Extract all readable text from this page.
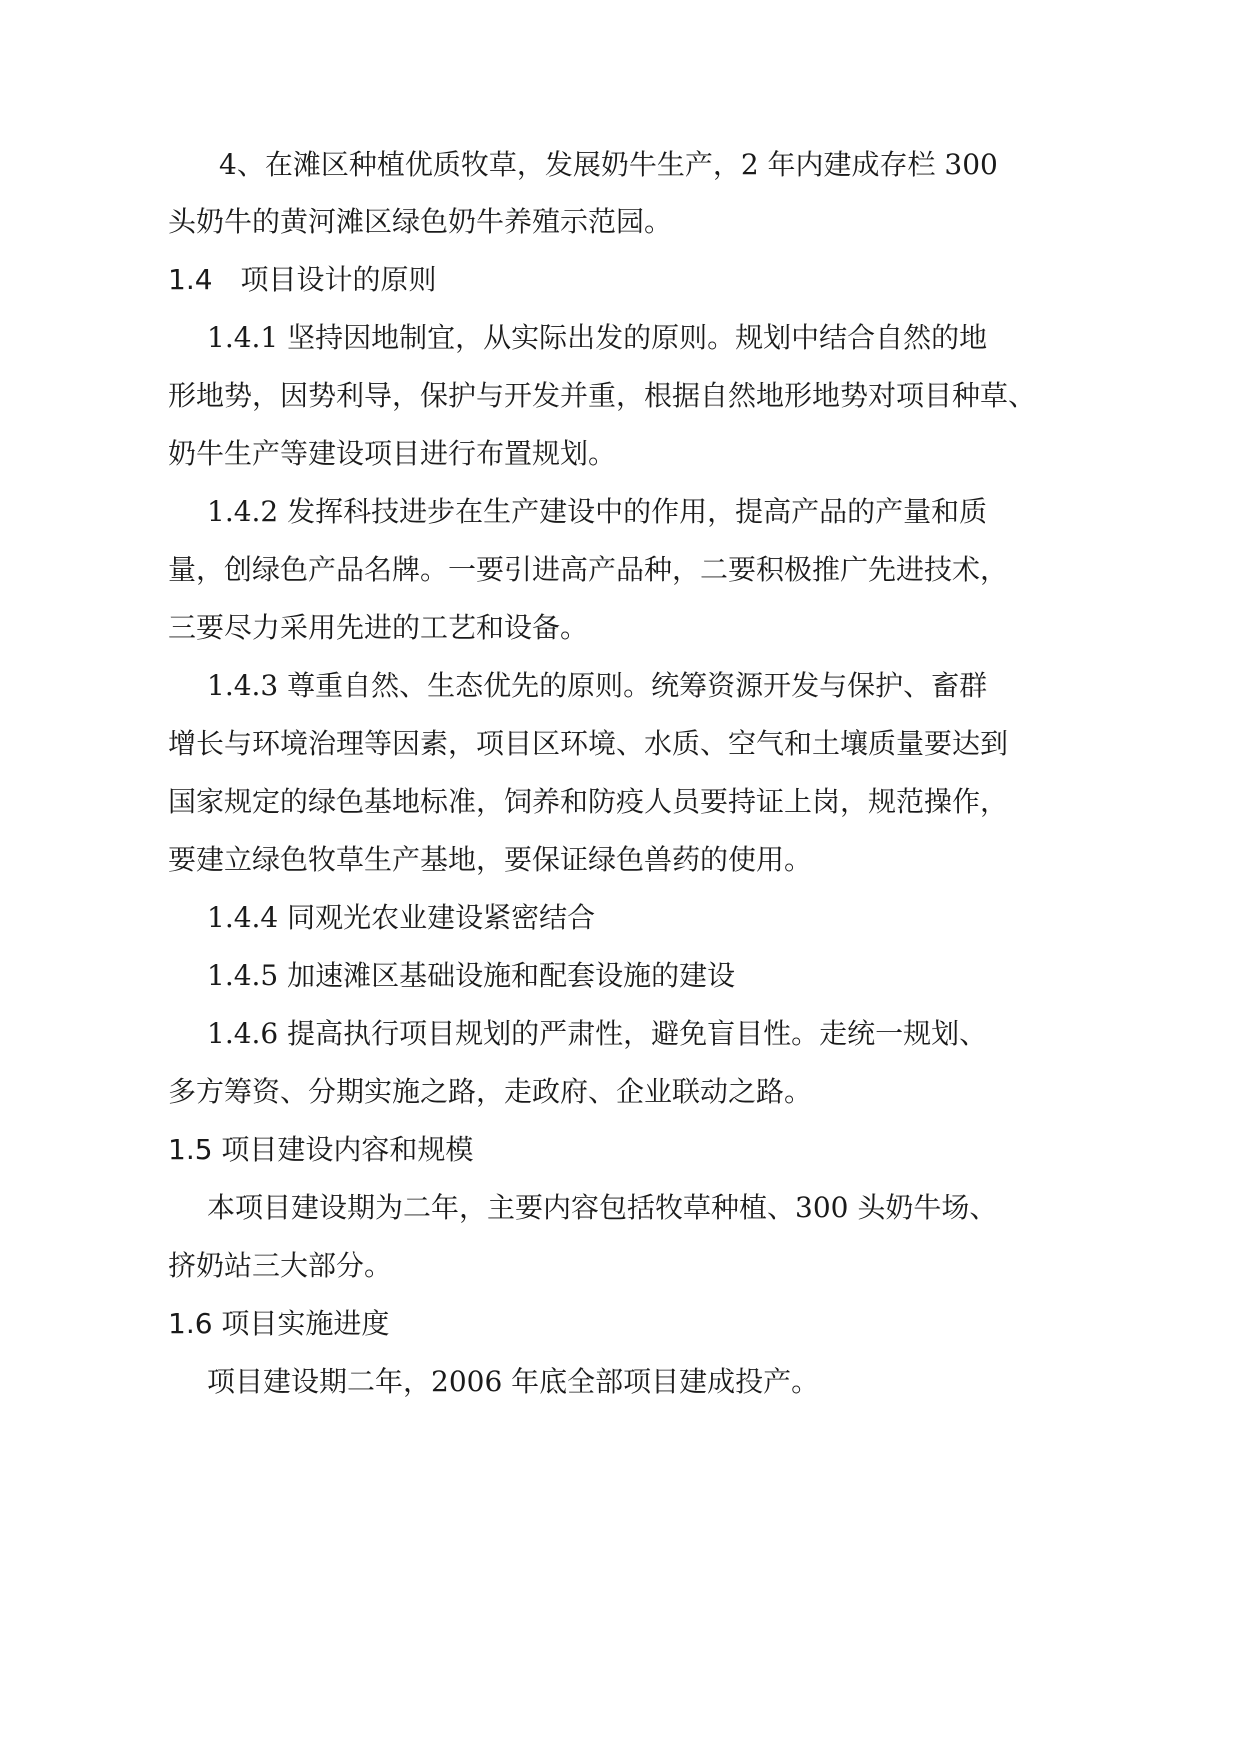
4、在滩区种植优质牧草，发展奶牛生产，2 年内建成存栏 300
头奶牛的黄河滩区绿色奶牛养殖示范园。
1.4　项目设计的原则
1.4.1 坚持因地制宜，从实际出发的原则。规划中结合自然的地
形地势，因势利导，保护与开发并重，根据自然地形地势对项目种草、
奶牛生产等建设项目进行布置规划。
1.4.2 发挥科技进步在生产建设中的作用，提高产品的产量和质
量，创绿色产品名牌。一要引进高产品种，二要积极推广先进技术，
三要尽力采用先进的工艺和设备。
1.4.3 尊重自然、生态优先的原则。统筹资源开发与保护、畜群
增长与环境治理等因素，项目区环境、水质、空气和土壤质量要达到
国家规定的绿色基地标准，饲养和防疫人员要持证上岗，规范操作，
要建立绿色牧草生产基地，要保证绿色兽药的使用。
1.4.4 同观光农业建设紧密结合
1.4.5 加速滩区基础设施和配套设施的建设
1.4.6 提高执行项目规划的严肃性，避免盲目性。走统一规划、
多方筹资、分期实施之路，走政府、企业联动之路。
1.5 项目建设内容和规模
本项目建设期为二年，主要内容包括牧草种植、300 头奶牛场、
挤奶站三大部分。
1.6 项目实施进度
项目建设期二年，2006 年底全部项目建成投产。
